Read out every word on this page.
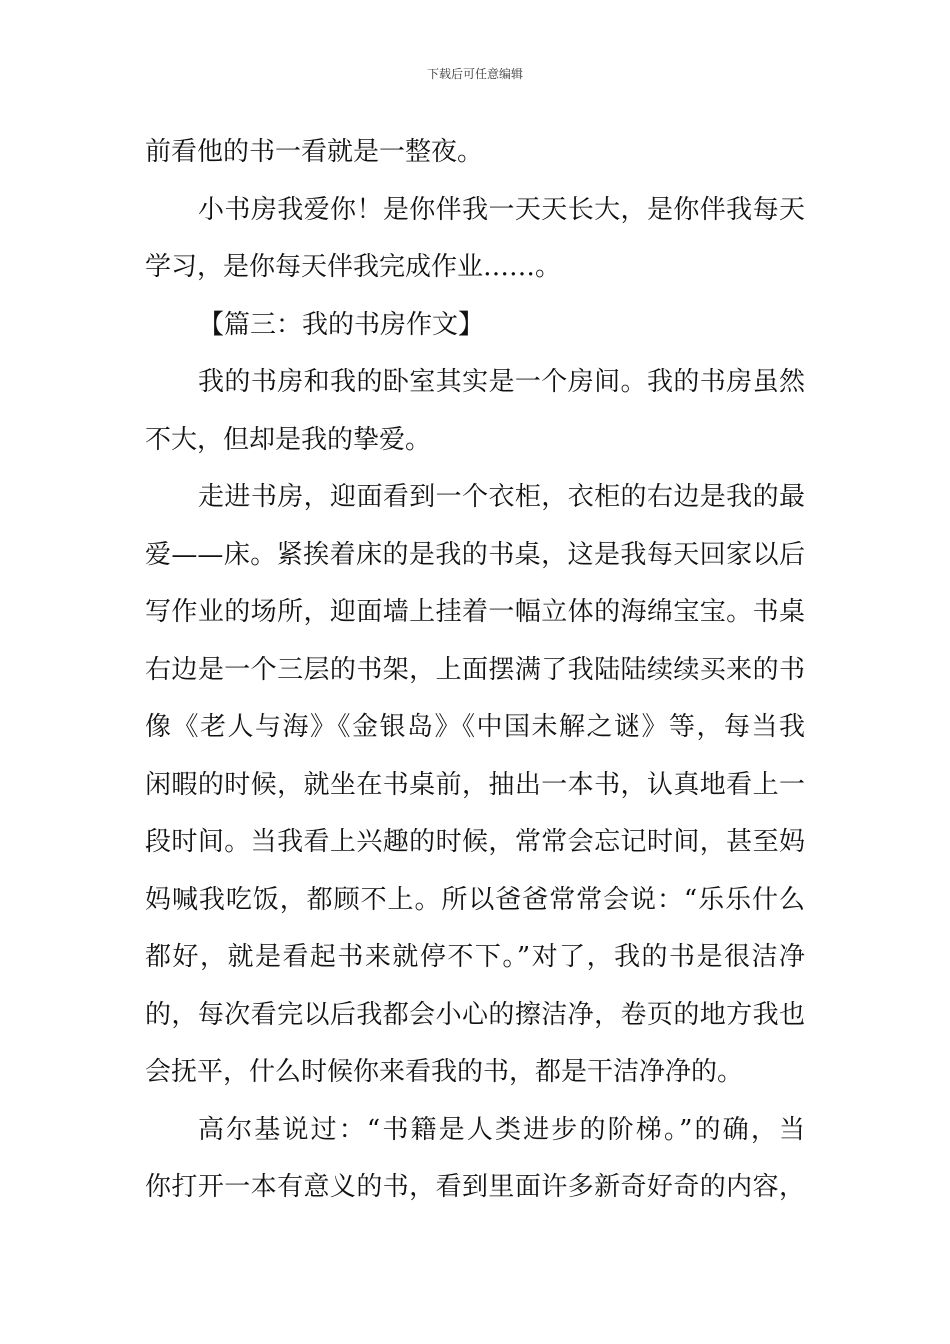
下载后可任意编辑
前看他的书一看就是一整夜。
小书房我爱你！是你伴我一天天长大，是你伴我每天
学习，是你每天伴我完成作业……。
【篇三：我的书房作文】
我的书房和我的卧室其实是一个房间。我的书房虽然
不大，但却是我的挚爱。
走进书房，迎面看到一个衣柜，衣柜的右边是我的最
爱——床。紧挨着床的是我的书桌，这是我每天回家以后
写作业的场所，迎面墙上挂着一幅立体的海绵宝宝。书桌
右边是一个三层的书架，上面摆满了我陆陆续续买来的书
像《老人与海》《金银岛》《中国未解之谜》等，每当我
闲暇的时候，就坐在书桌前，抽出一本书，认真地看上一
段时间。当我看上兴趣的时候，常常会忘记时间，甚至妈
妈喊我吃饭，都顾不上。所以爸爸常常会说：“乐乐什么
都好，就是看起书来就停不下。”对了，我的书是很洁净
的，每次看完以后我都会小心的擦洁净，卷页的地方我也
会抚平，什么时候你来看我的书，都是干洁净净的。
高尔基说过：“书籍是人类进步的阶梯。”的确，当
你打开一本有意义的书，看到里面许多新奇好奇的内容，
